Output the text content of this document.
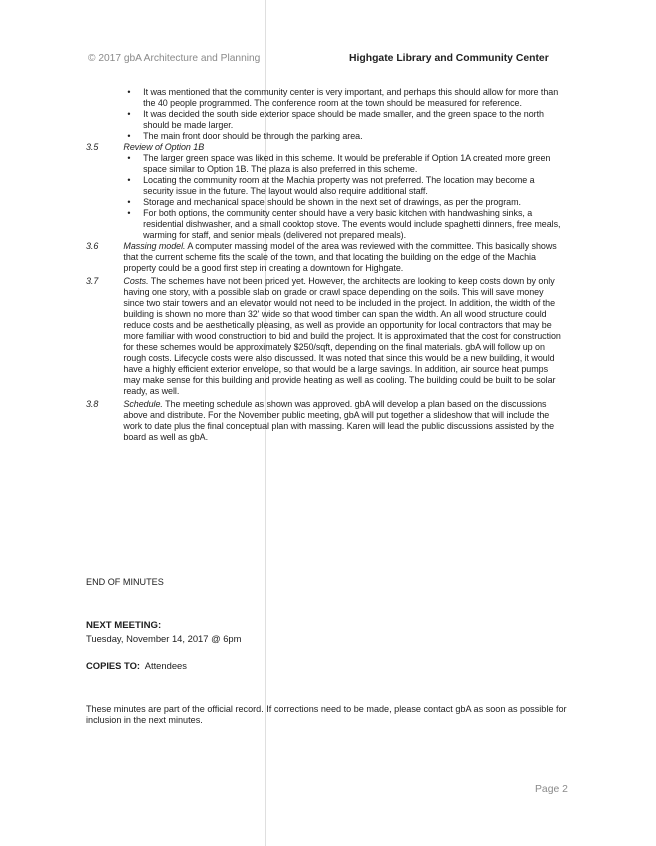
© 2017 gbA Architecture and Planning	Highgate Library and Community Center
• It was mentioned that the community center is very important, and perhaps this should allow for more than the 40 people programmed. The conference room at the town should be measured for reference.
• It was decided the south side exterior space should be made smaller, and the green space to the north should be made larger.
• The main front door should be through the parking area.
3.5	Review of Option 1B
• The larger green space was liked in this scheme. It would be preferable if Option 1A created more green space similar to Option 1B. The plaza is also preferred in this scheme.
• Locating the community room at the Machia property was not preferred. The location may become a security issue in the future. The layout would also require additional staff.
• Storage and mechanical space should be shown in the next set of drawings, as per the program.
• For both options, the community center should have a very basic kitchen with handwashing sinks, a residential dishwasher, and a small cooktop stove. The events would include spaghetti dinners, free meals, warming for staff, and senior meals (delivered not prepared meals).
3.6	Massing model. A computer massing model of the area was reviewed with the committee. This basically shows that the current scheme fits the scale of the town, and that locating the building on the edge of the Machia property could be a good first step in creating a downtown for Highgate.
3.7	Costs. The schemes have not been priced yet. However, the architects are looking to keep costs down by only having one story, with a possible slab on grade or crawl space depending on the soils. This will save money since two stair towers and an elevator would not need to be included in the project. In addition, the width of the building is shown no more than 32' wide so that wood timber can span the width. An all wood structure could reduce costs and be aesthetically pleasing, as well as provide an opportunity for local contractors that may be more familiar with wood construction to bid and build the project. It is approximated that the cost for construction for these schemes would be approximately $250/sqft, depending on the final materials. gbA will follow up on rough costs. Lifecycle costs were also discussed. It was noted that since this would be a new building, it would have a highly efficient exterior envelope, so that would be a large savings. In addition, air source heat pumps may make sense for this building and provide heating as well as cooling. The building could be built to be solar ready, as well.
3.8	Schedule. The meeting schedule as shown was approved. gbA will develop a plan based on the discussions above and distribute. For the November public meeting, gbA will put together a slideshow that will include the work to date plus the final conceptual plan with massing. Karen will lead the public discussions assisted by the board as well as gbA.
END OF MINUTES
NEXT MEETING:
Tuesday, November 14, 2017 @ 6pm
COPIES TO: Attendees
These minutes are part of the official record. If corrections need to be made, please contact gbA as soon as possible for inclusion in the next minutes.
Page 2
